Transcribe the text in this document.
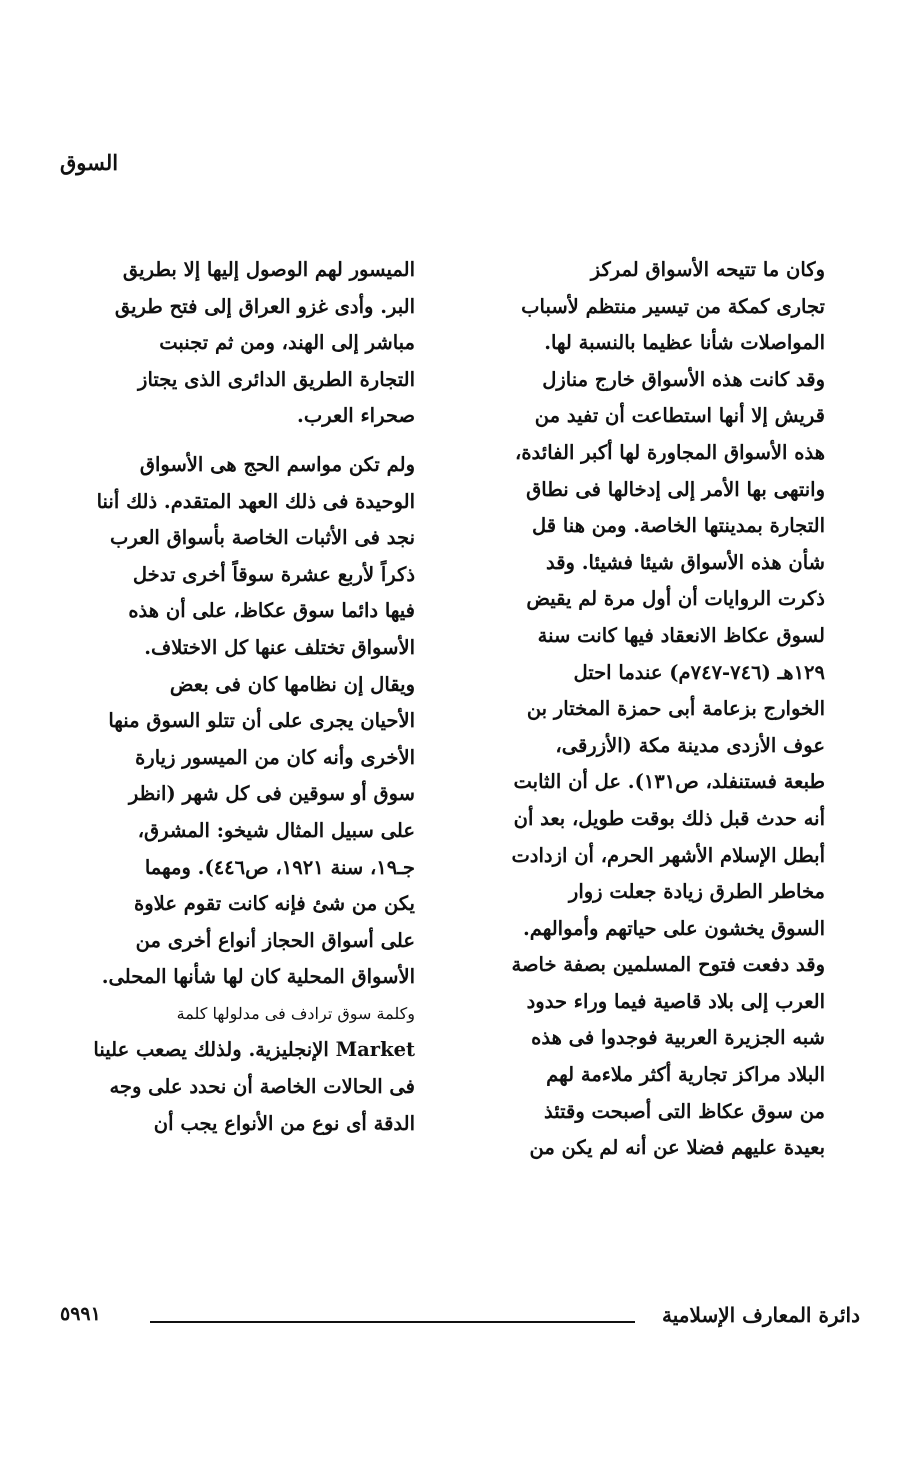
السوق
وكان ما تتيحه الأسواق لمركز
تجارى كمكة من تيسير منتظم لأسباب
المواصلات شأنا عظيما بالنسبة لها.
وقد كانت هذه الأسواق خارج منازل
قريش إلا أنها استطاعت أن تفيد من
هذه الأسواق المجاورة لها أكبر الفائدة،
وانتهى بها الأمر إلى إدخالها فى نطاق
التجارة بمدينتها الخاصة. ومن هنا قل
شأن هذه الأسواق شيئا فشيئا. وقد
ذكرت الروايات أن أول مرة لم يقيض
لسوق عكاظ الانعقاد فيها كانت سنة
١٢٩هـ (٧٤٦-٧٤٧م) عندما احتل
الخوارج بزعامة أبى حمزة المختار بن
عوف الأزدى مدينة مكة (الأزرقى،
طبعة فستنفلد، ص١٣١). عل أن الثابت
أنه حدث قبل ذلك بوقت طويل، بعد أن
أبطل الإسلام الأشهر الحرم، أن ازدادت
مخاطر الطرق زيادة جعلت زوار
السوق يخشون على حياتهم وأموالهم.
وقد دفعت فتوح المسلمين بصفة خاصة
العرب إلى بلاد قاصية فيما وراء حدود
شبه الجزيرة العربية فوجدوا فى هذه
البلاد مراكز تجارية أكثر ملاءمة لهم
من سوق عكاظ التى أصبحت وقتئذ
بعيدة عليهم فضلا عن أنه لم يكن من
الميسور لهم الوصول إليها إلا بطريق
البر. وأدى غزو العراق إلى فتح طريق
مباشر إلى الهند، ومن ثم تجنبت
التجارة الطريق الدائرى الذى يجتاز
صحراء العرب.
ولم تكن مواسم الحج هى الأسواق
الوحيدة فى ذلك العهد المتقدم. ذلك أننا
نجد فى الأثبات الخاصة بأسواق العرب
ذكراً لأربع عشرة سوقاً أخرى تدخل
فيها دائما سوق عكاظ، على أن هذه
الأسواق تختلف عنها كل الاختلاف.
ويقال إن نظامها كان فى بعض
الأحيان يجرى على أن تتلو السوق منها
الأخرى وأنه كان من الميسور زيارة
سوق أو سوقين فى كل شهر (انظر
على سبيل المثال شيخو: المشرق،
جـ١٩، سنة ١٩٢١، ص٤٤٦). ومهما
يكن من شئ فإنه كانت تقوم علاوة
على أسواق الحجاز أنواع أخرى من
الأسواق المحلية كان لها شأنها المحلى.
وكلمة سوق ترادف فى مدلولها كلمة
Market الإنجليزية. ولذلك يصعب علينا
فى الحالات الخاصة أن نحدد على وجه
الدقة أى نوع من الأنواع يجب أن
دائرة المعارف الإسلامية
٥٩٩١
